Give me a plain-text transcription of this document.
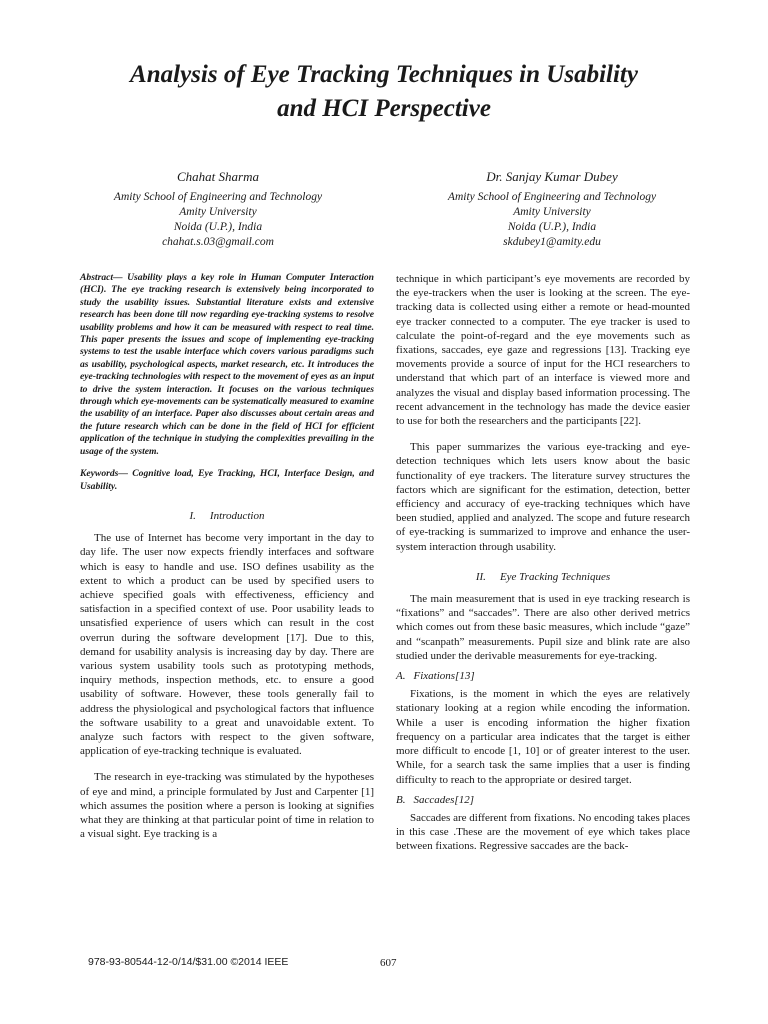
Analysis of Eye Tracking Techniques in Usability
and HCI Perspective
Chahat Sharma
Amity School of Engineering and Technology
Amity University
Noida (U.P.), India
chahat.s.03@gmail.com
Dr. Sanjay Kumar Dubey
Amity School of Engineering and Technology
Amity University
Noida (U.P.), India
skdubey1@amity.edu

Abstract— Usability plays a key role in Human Computer Interaction (HCI). The eye tracking research is extensively being incorporated to study the usability issues. Substantial literature exists and extensive research has been done till now regarding eye-tracking systems to resolve usability problems and how it can be measured with respect to real time. This paper presents the issues and scope of implementing eye-tracking systems to test the usable interface which covers various paradigms such as usability, psychological aspects, market research, etc. It introduces the eye-tracking technologies with respect to the movement of eyes as an input to drive the system interaction. It focuses on the various techniques through which eye-movements can be systematically measured to examine the usability of an interface. Paper also discusses about certain areas and the future research which can be done in the field of HCI for efficient application of the technique in studying the complexities prevailing in the usage of the system.

Keywords— Cognitive load, Eye Tracking, HCI, Interface Design, and Usability.

I. Introduction

The use of Internet has become very important in the day to day life. The user now expects friendly interfaces and software which is easy to handle and use. ISO defines usability as the extent to which a product can be used by specified users to achieve specified goals with effectiveness, efficiency and satisfaction in a specified context of use. Poor usability leads to unsatisfied experience of users which can result in the cost overrun during the software development [17]. Due to this, demand for usability analysis is increasing day by day. There are various system usability tools such as prototyping methods, inquiry methods, inspection methods, etc. to ensure a good usability of software. However, these tools generally fail to address the physiological and psychological factors that influence the software usability to a great and unavoidable extent. To analyze such factors with respect to the given software, application of eye-tracking technique is evaluated.

The research in eye-tracking was stimulated by the hypotheses of eye and mind, a principle formulated by Just and Carpenter [1] which assumes the position where a person is looking at signifies what they are thinking at that particular point of time in relation to a visual sight. Eye tracking is a

technique in which participant’s eye movements are recorded by the eye-trackers when the user is looking at the screen. The eye-tracking data is collected using either a remote or head-mounted eye tracker connected to a computer. The eye tracker is used to calculate the point-of-regard and the eye movements such as fixations, saccades, eye gaze and regressions [13]. Tracking eye movements provide a source of input for the HCI researchers to understand that which part of an interface is viewed more and analyzes the visual and display based information processing. The recent advancement in the technology has made the device easier to use for both the researchers and the participants [22].

This paper summarizes the various eye-tracking and eye-detection techniques which lets users know about the basic functionality of eye trackers. The literature survey structures the factors which are significant for the estimation, detection, better efficiency and accuracy of eye-tracking techniques which have been studied, applied and analyzed. The scope and future research of eye-tracking is summarized to improve and enhance the user-system interaction through usability.

II. Eye Tracking Techniques

The main measurement that is used in eye tracking research is “fixations” and “saccades”. There are also other derived metrics which comes out from these basic measures, which include “gaze” and “scanpath” measurements. Pupil size and blink rate are also studied under the derivable measurements for eye-tracking.

A. Fixations[13]

Fixations, is the moment in which the eyes are relatively stationary looking at a region while encoding the information. While a user is encoding information the higher fixation frequency on a particular area indicates that the target is either more difficult to encode [1, 10] or of greater interest to the user. While, for a search task the same implies that a user is finding difficulty to reach to the appropriate or desired target.

B. Saccades[12]

Saccades are different from fixations. No encoding takes places in this case .These are the movement of eye which takes place between fixations. Regressive saccades are the back-

978-93-80544-12-0/14/$31.00 ©2014 IEEE	607
